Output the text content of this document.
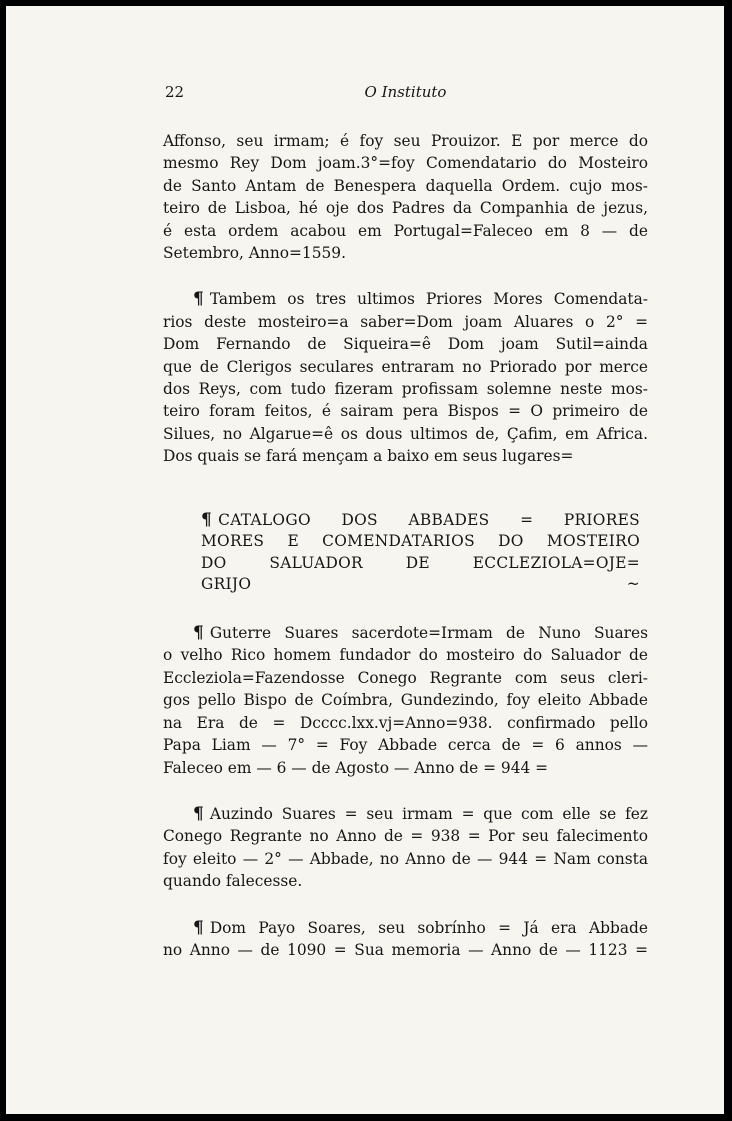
22	O Instituto

Affonso, seu irmam; é foy seu Prouizor. E por merce do
mesmo Rey Dom joam.3°=foy Comendatario do Mosteiro
de Santo Antam de Benespera daquella Ordem. cujo mos-
teiro de Lisboa, hé oje dos Padres da Companhia de jezus,
é esta ordem acabou em Portugal=Faleceo em 8 — de
Setembro, Anno=1559.

¶ Tambem os tres ultimos Priores Mores Comendata-
rios deste mosteiro=a saber=Dom joam Aluares o 2° =
Dom Fernando de Siqueira=ê Dom joam Sutil=ainda
que de Clerigos seculares entraram no Priorado por merce
dos Reys, com tudo fizeram profissam solemne neste mos-
teiro foram feitos, é sairam pera Bispos = O primeiro de
Silues, no Algarue=ê os dous ultimos de, Çafim, em Africa.
Dos quais se fará mençam a baixo em seus lugares=

¶ CATALOGO DOS ABBADES = PRIORES
MORES E COMENDATARIOS DO MOSTEIRO
DO SALUADOR DE ECCLEZIOLA=OJE=
GRIJO ~

¶ Guterre Suares sacerdote=Irmam de Nuno Suares
o velho Rico homem fundador do mosteiro do Saluador de
Eccleziola=Fazendosse Conego Regrante com seus cleri-
gos pello Bispo de Coímbra, Gundezindo, foy eleito Abbade
na Era de = Dcccc.lxx.vj=Anno=938. confirmado pello
Papa Liam — 7° = Foy Abbade cerca de = 6 annos —
Faleceo em — 6 — de Agosto — Anno de = 944 =

¶ Auzindo Suares = seu irmam = que com elle se fez
Conego Regrante no Anno de = 938 = Por seu falecimento
foy eleito — 2° — Abbade, no Anno de — 944 = Nam consta
quando falecesse.

¶ Dom Payo Soares, seu sobrínho = Já era Abbade
no Anno — de 1090 = Sua memoria — Anno de — 1123 =
